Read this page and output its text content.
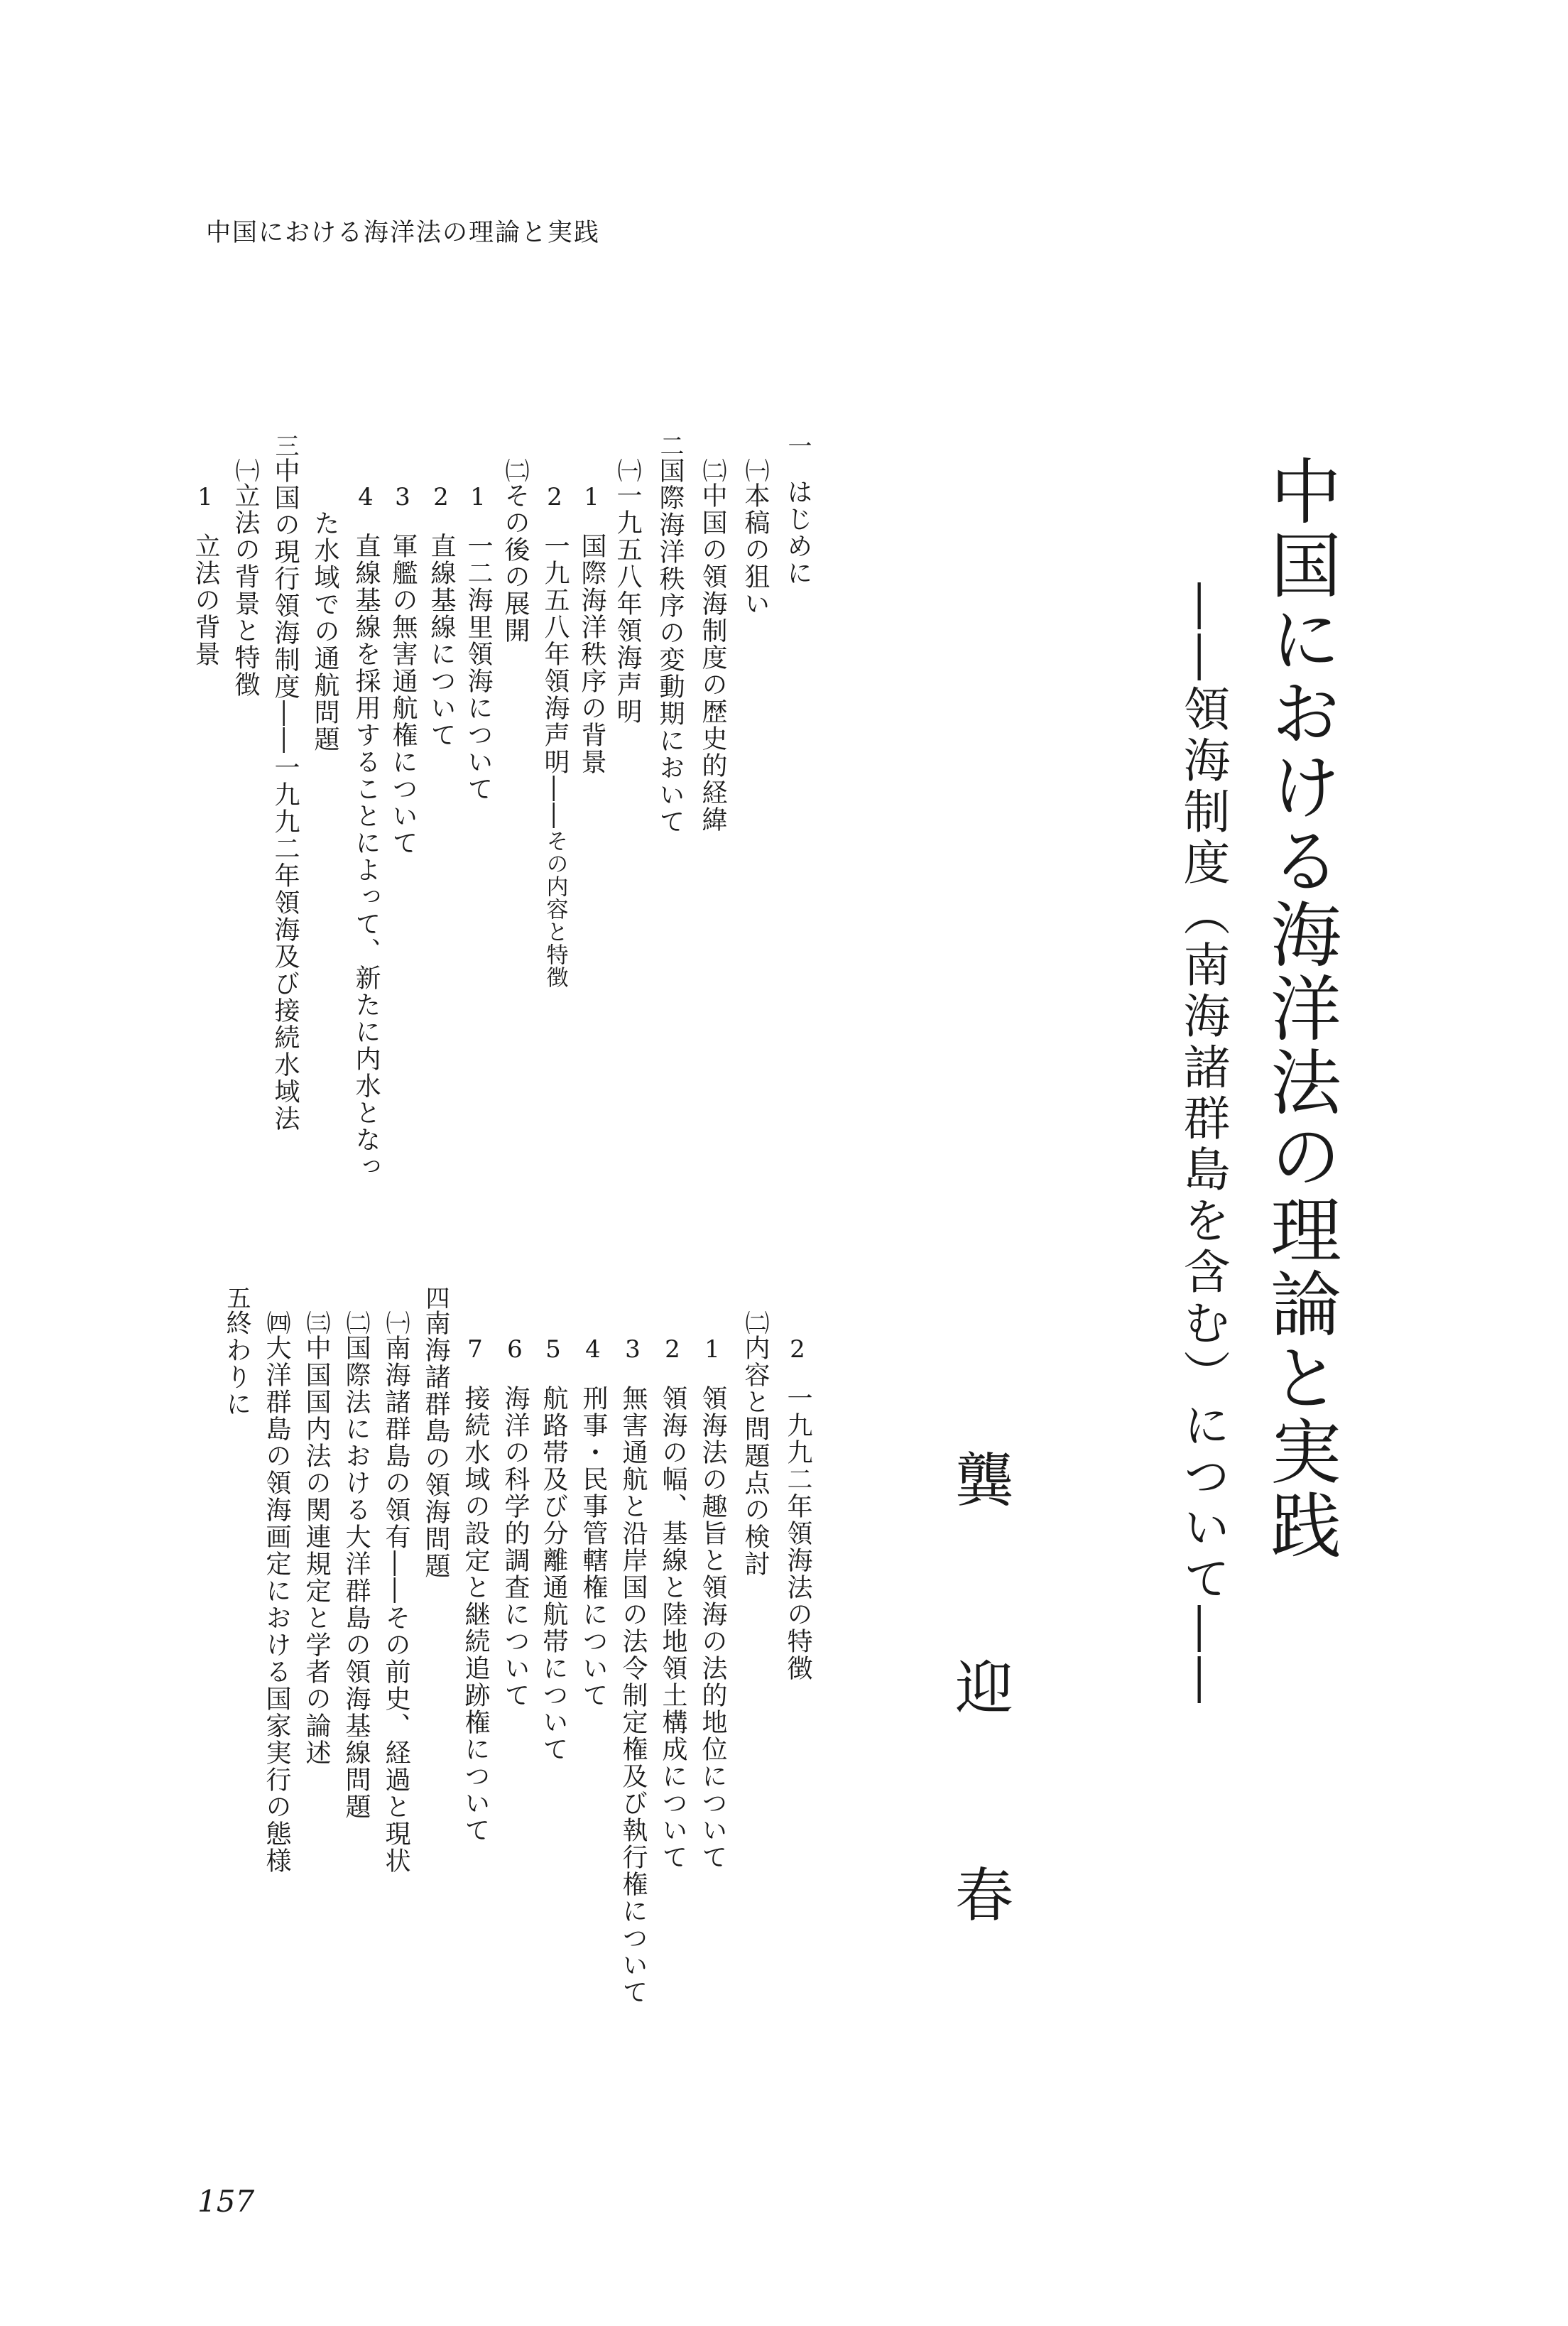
中国における海洋法の理論と実践
中国における海洋法の理論と実践
――領海制度（南海諸群島を含む）について――
龔
迎
春
一
はじめに
㈠
本稿の狙い
㈡
中国の領海制度の歴史的経緯
二
国際海洋秩序の変動期において
㈠
一九五八年領海声明
1
国際海洋秩序の背景
2
一九五八年領海声明――
その内容と特徴
㈡
その後の展開
1
一二海里領海について
2
直線基線について
3
軍艦の無害通航権について
4
直線基線を採用することによって、新たに内水となっ
た水域での通航問題
三
中国の現行領海制度――一九九二年領海及び接続水域法
㈠
立法の背景と特徴
1
立法の背景
2
一九九二年領海法の特徴
㈡
内容と問題点の検討
1
領海法の趣旨と領海の法的地位について
2
領海の幅、基線と陸地領土構成について
3
無害通航と沿岸国の法令制定権及び執行権について
4
刑事・民事管轄権について
5
航路帯及び分離通航帯について
6
海洋の科学的調査について
7
接続水域の設定と継続追跡権について
四
南海諸群島の領海問題
㈠
南海諸群島の領有――その前史、経過と現状
㈡
国際法における大洋群島の領海基線問題
㈢
中国国内法の関連規定と学者の論述
㈣
大洋群島の領海画定における国家実行の態様
五
終わりに
157
